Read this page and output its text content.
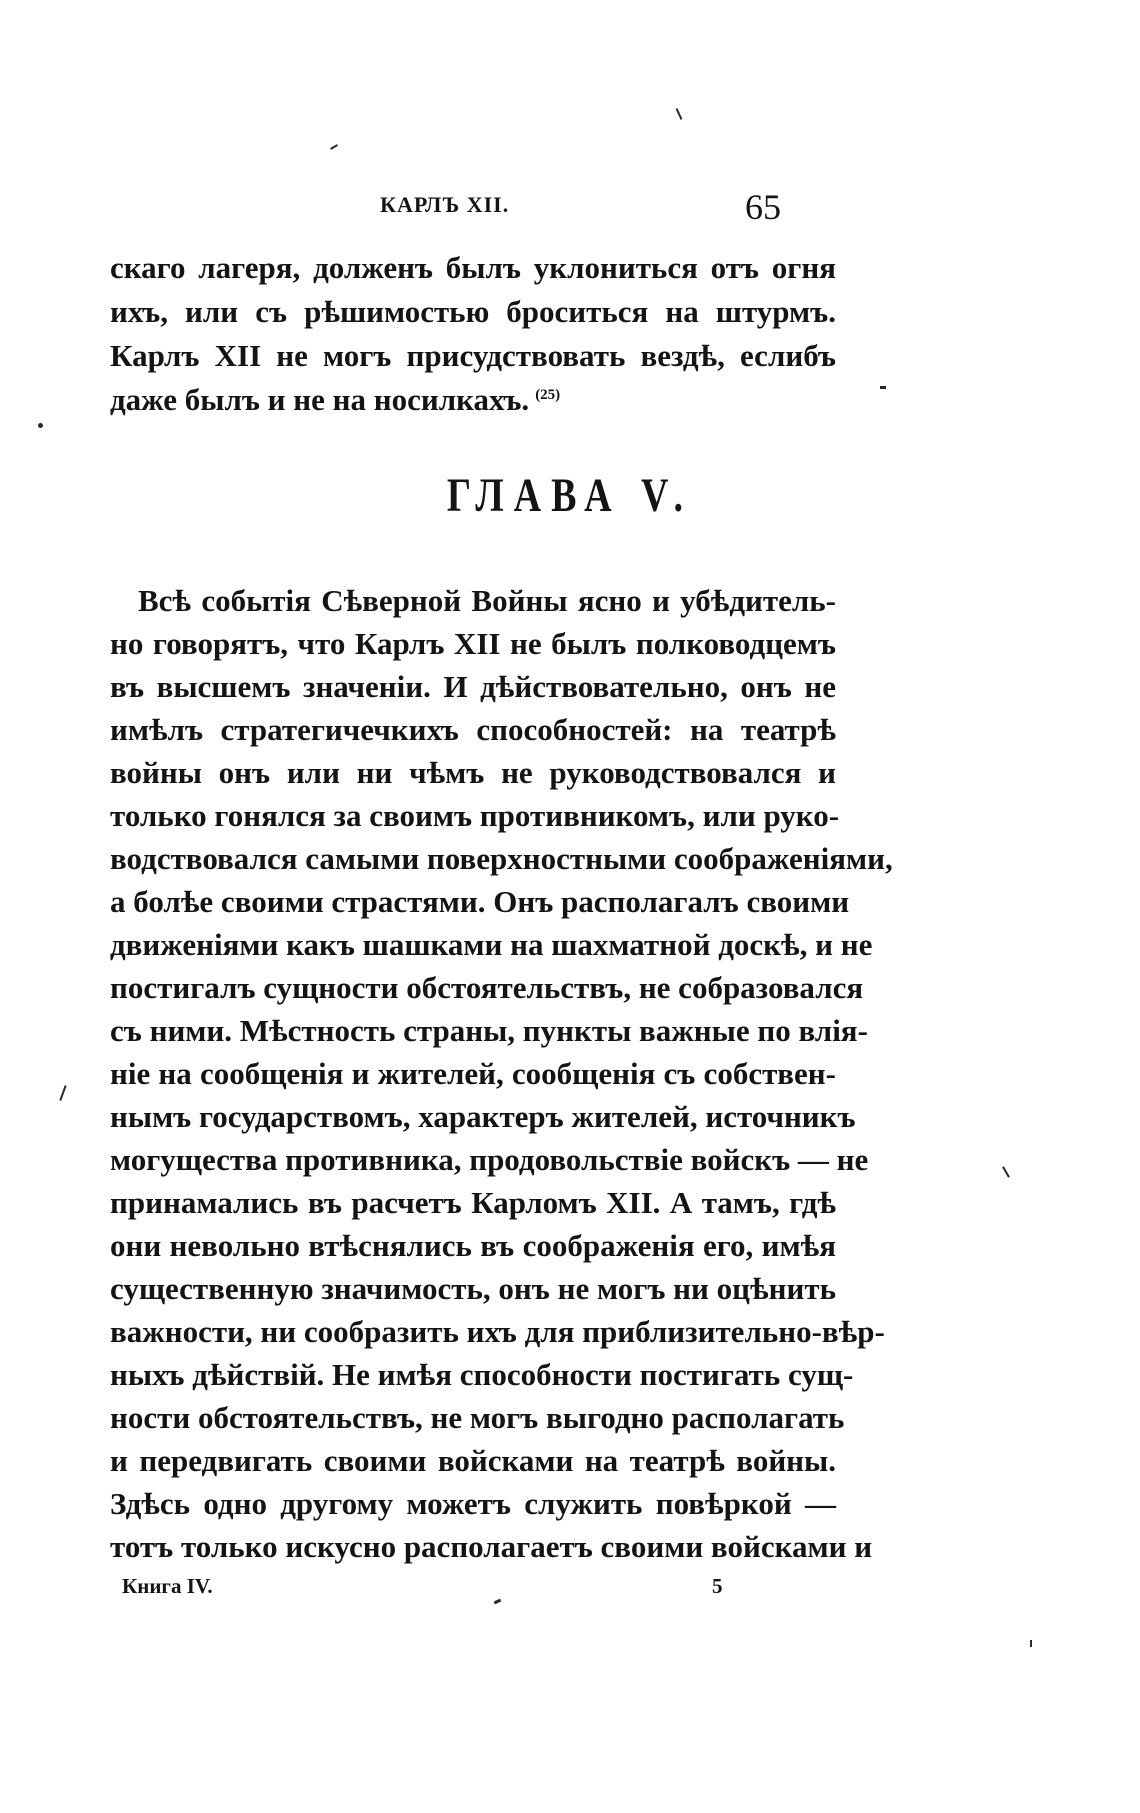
КАРЛЪ XII.	65
скаго лагеря, долженъ былъ уклониться отъ огня
ихъ, или съ рѣшимостью броситься на штурмъ.
Карлъ XII не могъ присудствовать вездѣ, еслибъ
даже былъ и не на носилкахъ. $^{(25)}$
ГЛАВА V.
Всѣ событія Сѣверной Войны ясно и убѣдитель-
но говорятъ, что Карлъ XII не былъ полководцемъ
въ высшемъ значеніи. И дѣйствовательно, онъ не
имѣлъ стратегичечкихъ способностей: на театрѣ
войны онъ или ни чѣмъ не руководствовался и
только гонялся за своимъ противникомъ, или руко-
водствовался самыми поверхностными соображеніями,
а болѣе своими страстями. Онъ располагалъ своими
движеніями какъ шашками на шахматной доскѣ, и не
постигалъ сущности обстоятельствъ, не собразовался
съ ними. Мѣстность страны, пункты важные по влія-
ніе на сообщенія и жителей, сообщенія съ собствен-
нымъ государствомъ, характеръ жителей, источникъ
могущества противника, продовольствіе войскъ — не
принамались въ расчетъ Карломъ XII. А тамъ, гдѣ
они невольно втѣснялись въ соображенія его, имѣя
существенную значимость, онъ не могъ ни оцѣнить
важности, ни сообразить ихъ для приблизительно-вѣр-
ныхъ дѣйствій. Не имѣя способности постигать сущ-
ности обстоятельствъ, не могъ выгодно располагать
и передвигать своими войсками на театрѣ войны.
Здѣсь одно другому можетъ служить повѣркой —
тотъ только искусно располагаетъ своими войсками и
Книга IV.	5
